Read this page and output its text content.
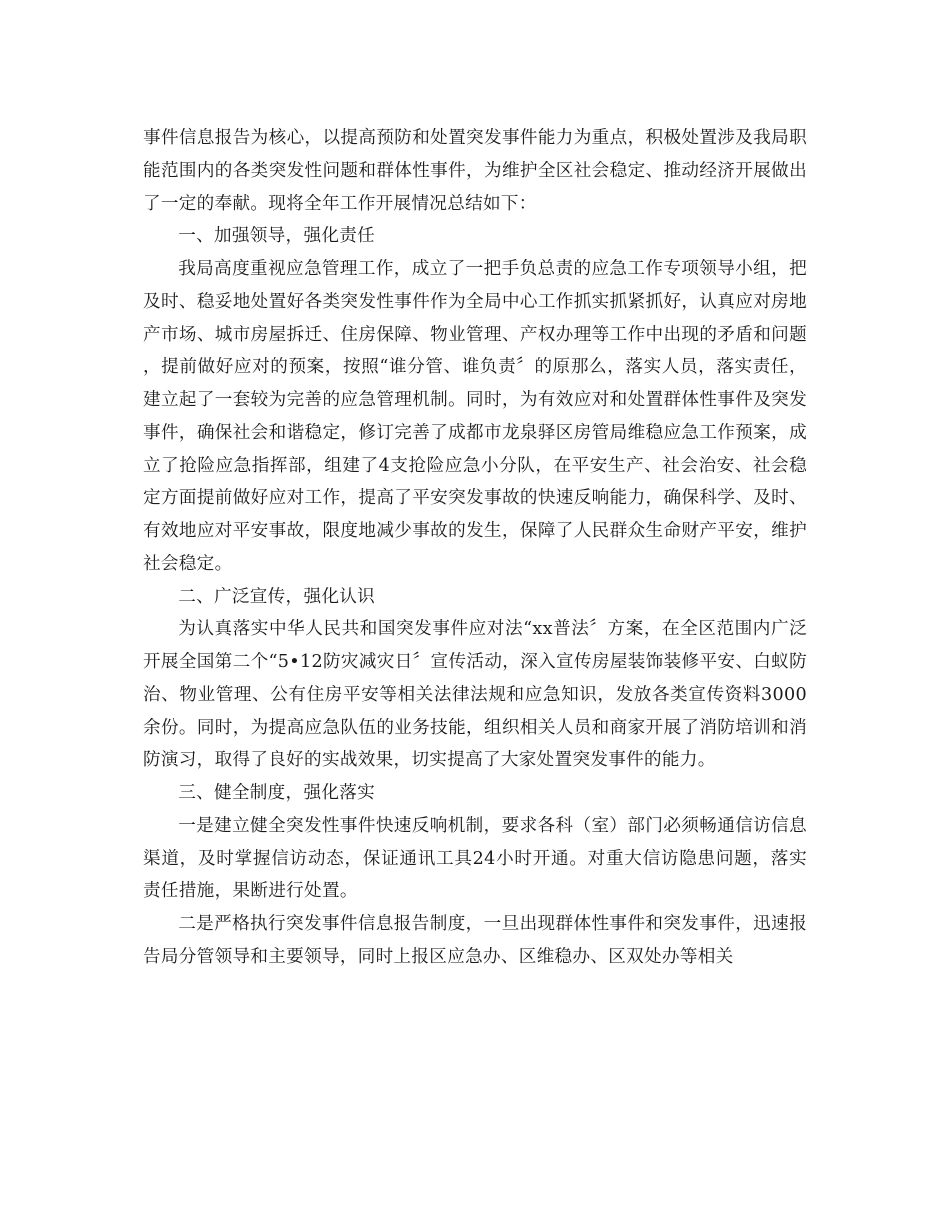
事件信息报告为核心，以提高预防和处置突发事件能力为重点，积极处置涉及我局职能范围内的各类突发性问题和群体性事件，为维护全区社会稳定、推动经济开展做出了一定的奉献。现将全年工作开展情况总结如下：

一、加强领导，强化责任

我局高度重视应急管理工作，成立了一把手负总责的应急工作专项领导小组，把及时、稳妥地处置好各类突发性事件作为全局中心工作抓实抓紧抓好，认真应对房地产市场、城市房屋拆迁、住房保障、物业管理、产权办理等工作中出现的矛盾和问题，提前做好应对的预案，按照“谁分管、谁负责〞的原那么，落实人员，落实责任，建立起了一套较为完善的应急管理机制。同时，为有效应对和处置群体性事件及突发事件，确保社会和谐稳定，修订完善了成都市龙泉驿区房管局维稳应急工作预案，成立了抢险应急指挥部，组建了4支抢险应急小分队，在平安生产、社会治安、社会稳定方面提前做好应对工作，提高了平安突发事故的快速反响能力，确保科学、及时、有效地应对平安事故，限度地减少事故的发生，保障了人民群众生命财产平安，维护社会稳定。

二、广泛宣传，强化认识

为认真落实中华人民共和国突发事件应对法“xx普法〞方案，在全区范围内广泛开展全国第二个“5•12防灾减灾日〞宣传活动，深入宣传房屋装饰装修平安、白蚁防治、物业管理、公有住房平安等相关法律法规和应急知识，发放各类宣传资料3000余份。同时，为提高应急队伍的业务技能，组织相关人员和商家开展了消防培训和消防演习，取得了良好的实战效果，切实提高了大家处置突发事件的能力。

三、健全制度，强化落实

一是建立健全突发性事件快速反响机制，要求各科（室）部门必须畅通信访信息渠道，及时掌握信访动态，保证通讯工具24小时开通。对重大信访隐患问题，落实责任措施，果断进行处置。

二是严格执行突发事件信息报告制度，一旦出现群体性事件和突发事件，迅速报告局分管领导和主要领导，同时上报区应急办、区维稳办、区双处办等相关
